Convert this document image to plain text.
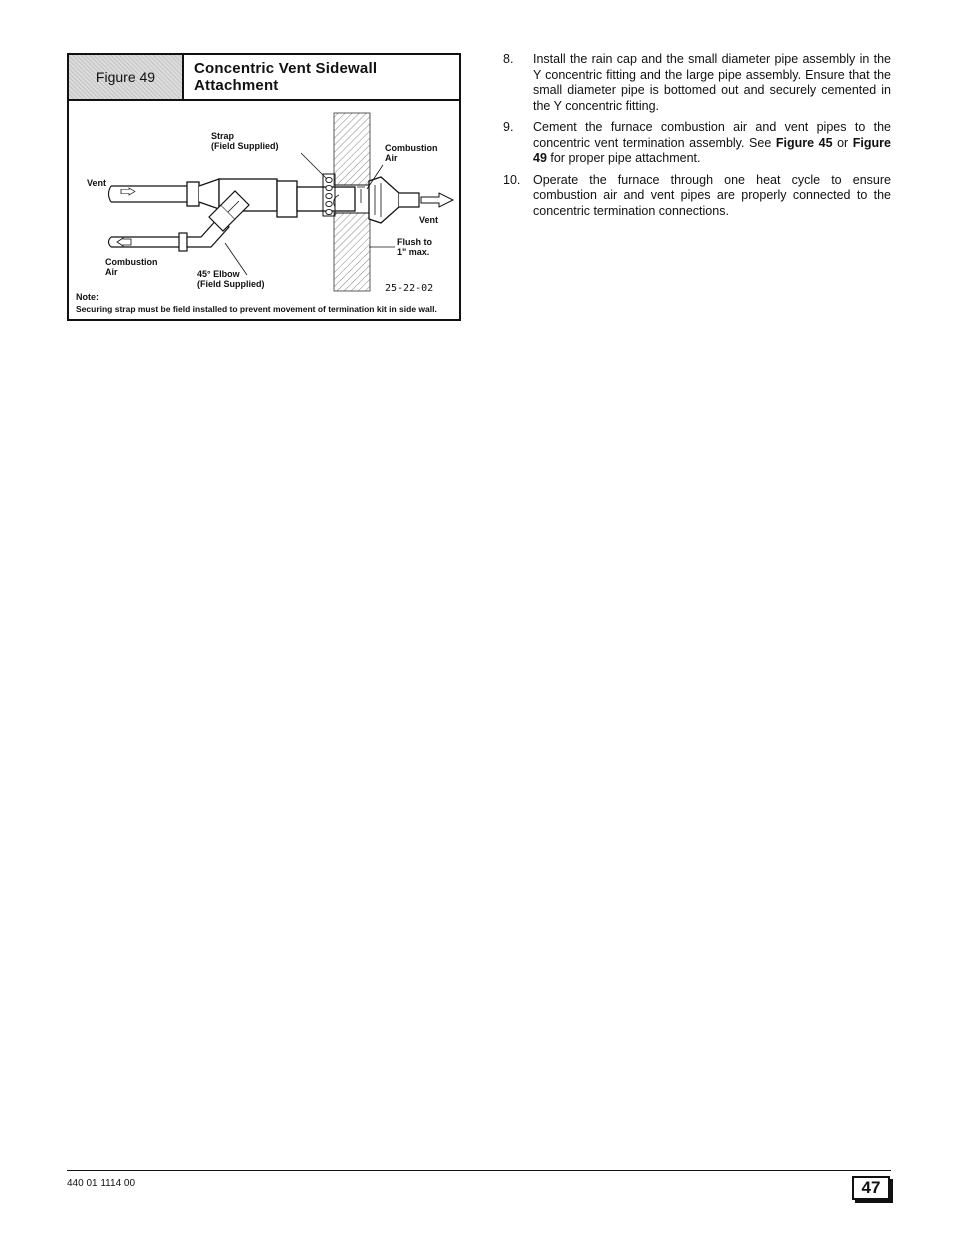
Figure 49	Concentric Vent Sidewall Attachment
Strap
(Field Supplied)	Combustion
Air
Vent
Vent
Flush to
1" max.
Combustion
Air	45° Elbow
(Field Supplied)	25-22-02
Note:
Securing strap must be field installed to prevent movement of termination kit in side wall.
8. Install the rain cap and the small diameter pipe assembly in the Y concentric fitting and the large pipe assembly. Ensure that the small diameter pipe is bottomed out and securely cemented in the Y concentric fitting.
9. Cement the furnace combustion air and vent pipes to the concentric vent termination assembly. See Figure 45 or Figure 49 for proper pipe attachment.
10. Operate the furnace through one heat cycle to ensure combustion air and vent pipes are properly connected to the concentric termination connections.
440 01 1114 00	47
